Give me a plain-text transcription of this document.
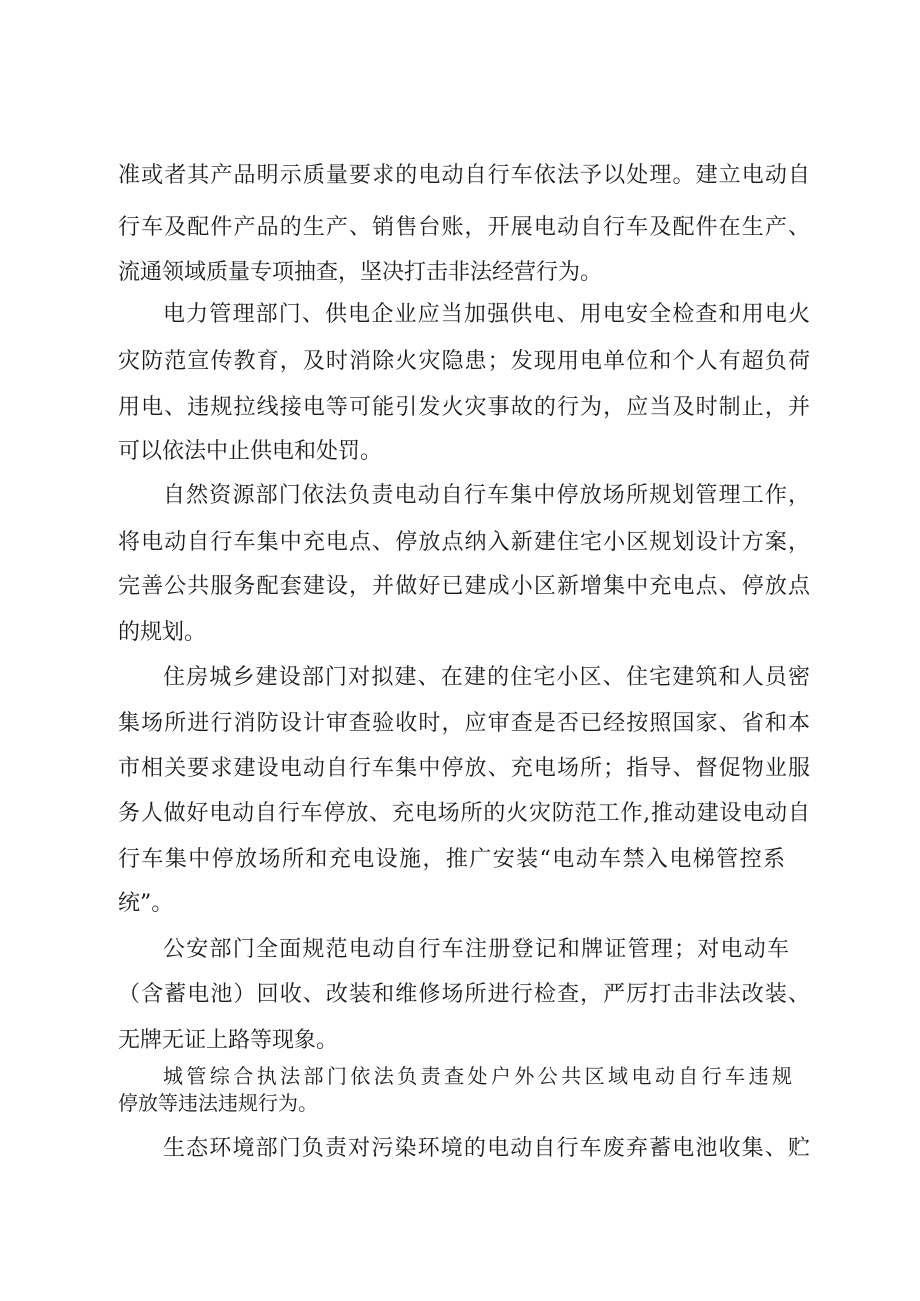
准或者其产品明示质量要求的电动自行车依法予以处理。建立电动自
行车及配件产品的生产、销售台账，开展电动自行车及配件在生产、
流通领域质量专项抽查，坚决打击非法经营行为。
电力管理部门、供电企业应当加强供电、用电安全检查和用电火
灾防范宣传教育，及时消除火灾隐患；发现用电单位和个人有超负荷
用电、违规拉线接电等可能引发火灾事故的行为，应当及时制止，并
可以依法中止供电和处罚。
自然资源部门依法负责电动自行车集中停放场所规划管理工作，
将电动自行车集中充电点、停放点纳入新建住宅小区规划设计方案，
完善公共服务配套建设，并做好已建成小区新增集中充电点、停放点
的规划。
住房城乡建设部门对拟建、在建的住宅小区、住宅建筑和人员密
集场所进行消防设计审查验收时，应审查是否已经按照国家、省和本
市相关要求建设电动自行车集中停放、充电场所；指导、督促物业服
务人做好电动自行车停放、充电场所的火灾防范工作,推动建设电动自
行车集中停放场所和充电设施，推广安装“电动车禁入电梯管控系
统”。
公安部门全面规范电动自行车注册登记和牌证管理；对电动车
（含蓄电池）回收、改装和维修场所进行检查，严厉打击非法改装、
无牌无证上路等现象。
城管综合执法部门依法负责查处户外公共区域电动自行车违规
停放等违法违规行为。
生态环境部门负责对污染环境的电动自行车废弃蓄电池收集、贮
